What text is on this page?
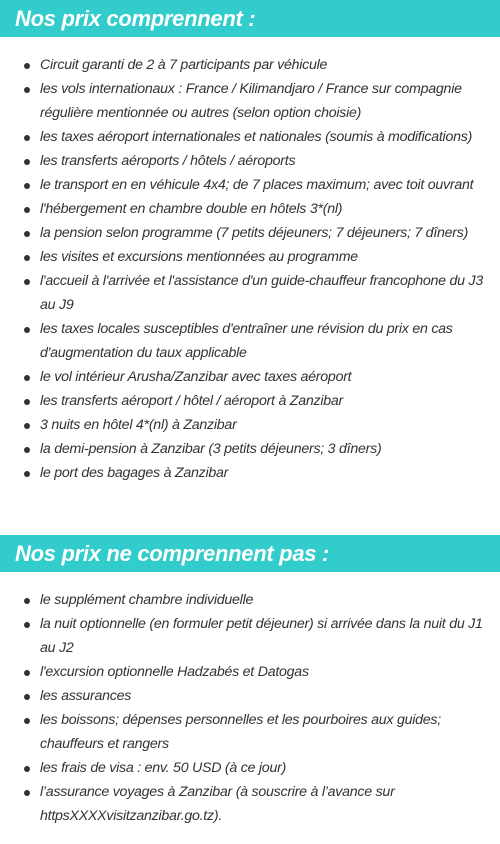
Nos prix comprennent :
Circuit garanti de 2 à 7 participants par véhicule
les vols internationaux : France / Kilimandjaro / France sur compagnie régulière mentionnée ou autres (selon option choisie)
les taxes aéroport internationales et nationales (soumis à modifications)
les transferts aéroports / hôtels / aéroports
le transport en en véhicule 4x4; de 7 places maximum; avec toit ouvrant
l'hébergement en chambre double en hôtels 3*(nl)
la pension selon programme (7 petits déjeuners; 7 déjeuners; 7 dîners)
les visites et excursions mentionnées au programme
l'accueil à l'arrivée et l'assistance d'un guide-chauffeur francophone du J3 au J9
les taxes locales susceptibles d'entraîner une révision du prix en cas d'augmentation du taux applicable
le vol intérieur Arusha/Zanzibar avec taxes aéroport
les transferts aéroport / hôtel / aéroport à Zanzibar
3 nuits en hôtel 4*(nl) à Zanzibar
la demi-pension à Zanzibar (3 petits déjeuners; 3 dîners)
le port des bagages à Zanzibar
Nos prix ne comprennent pas :
le supplément chambre individuelle
la nuit optionnelle (en formuler petit déjeuner) si arrivée dans la nuit du J1 au J2
l'excursion optionnelle Hadzabés et Datogas
les assurances
les boissons; dépenses personnelles et les pourboires aux guides; chauffeurs et rangers
les frais de visa : env. 50 USD (à ce jour)
l’assurance voyages à Zanzibar (à souscrire à l’avance sur httpsXXXXvisitzanzibar.go.tz).
